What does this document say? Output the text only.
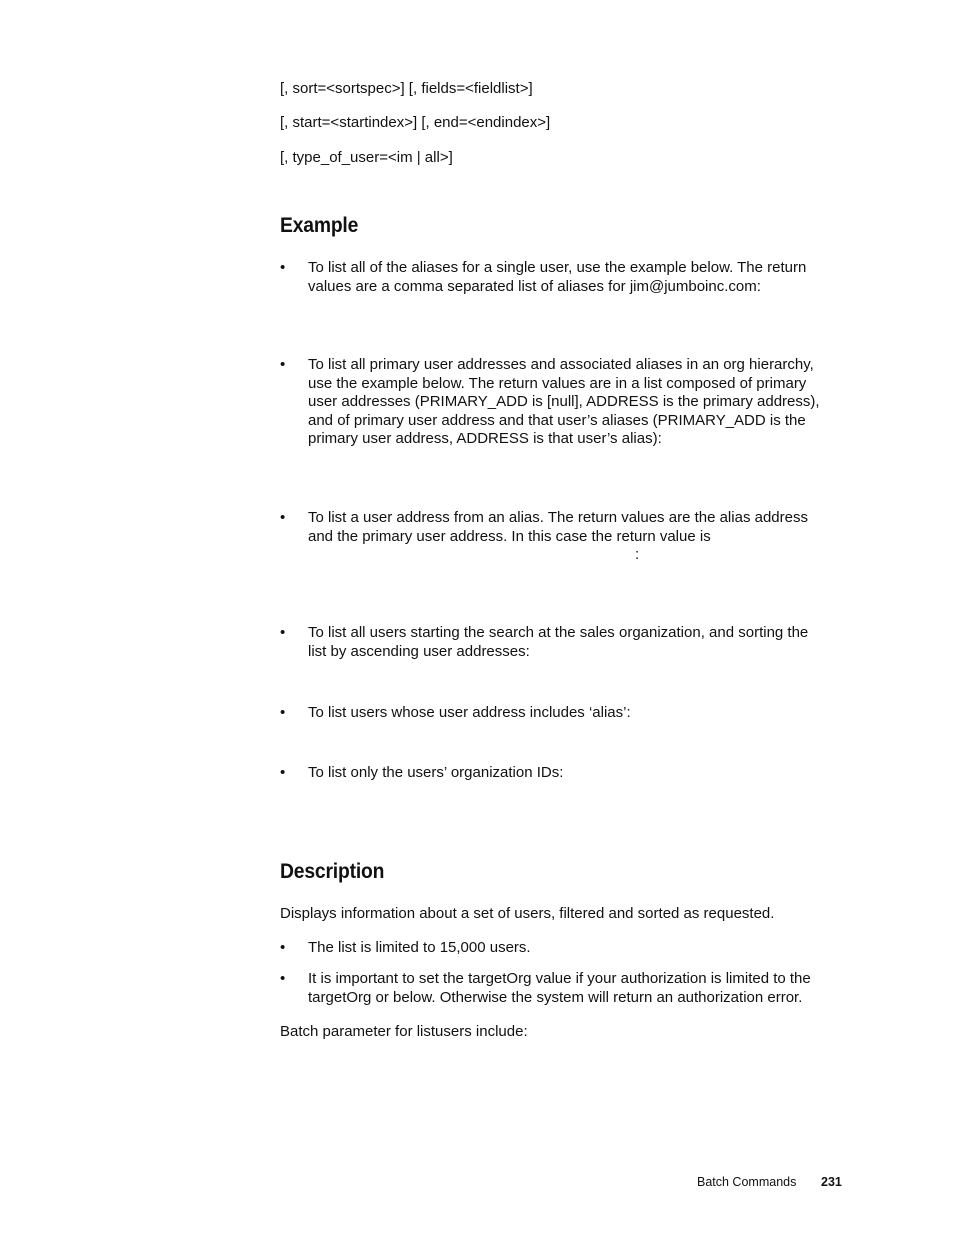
[, sort=<sortspec>] [, fields=<fieldlist>]
[, start=<startindex>] [, end=<endindex>]
[, type_of_user=<im | all>]
Example
• To list all of the aliases for a single user, use the example below. The return
values are a comma separated list of aliases for jim@jumboinc.com:
• To list all primary user addresses and associated aliases in an org hierarchy,
use the example below. The return values are in a list composed of primary
user addresses (PRIMARY_ADD is [null], ADDRESS is the primary address),
and of primary user address and that user’s aliases (PRIMARY_ADD is the
primary user address, ADDRESS is that user’s alias):
• To list a user address from an alias. The return values are the alias address
and the primary user address. In this case the return value is
:
• To list all users starting the search at the sales organization, and sorting the
list by ascending user addresses:
• To list users whose user address includes ‘alias’:
• To list only the users’ organization IDs:
Description
Displays information about a set of users, filtered and sorted as requested.
• The list is limited to 15,000 users.
• It is important to set the targetOrg value if your authorization is limited to the
targetOrg or below. Otherwise the system will return an authorization error.
Batch parameter for listusers include:
Batch Commands 231
